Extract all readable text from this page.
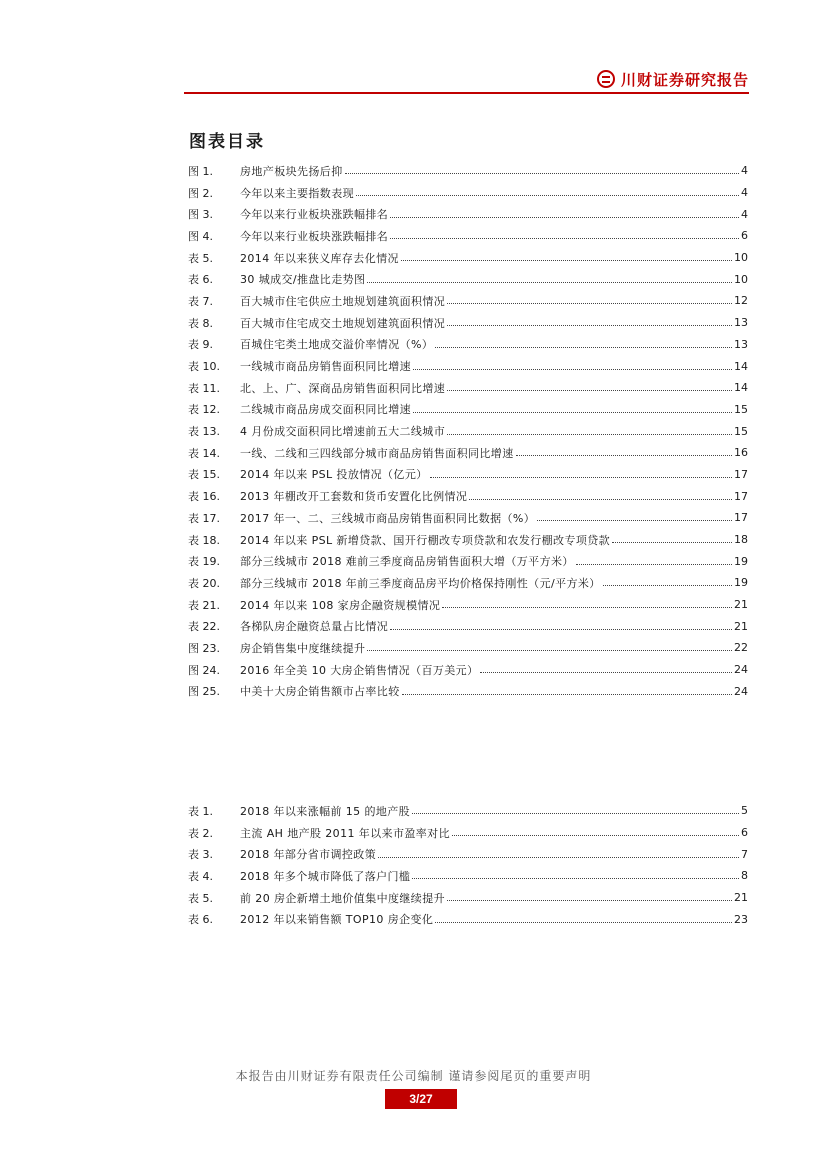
川财证券研究报告
图表目录
图 1.	房地产板块先扬后抑	4
图 2.	今年以来主要指数表现	4
图 3.	今年以来行业板块涨跌幅排名	4
图 4.	今年以来行业板块涨跌幅排名	6
表 5.	2014 年以来狭义库存去化情况	10
表 6.	30 城成交/推盘比走势图	10
表 7.	百大城市住宅供应土地规划建筑面积情况	12
表 8.	百大城市住宅成交土地规划建筑面积情况	13
表 9.	百城住宅类土地成交溢价率情况（%）	13
表 10.	一线城市商品房销售面积同比增速	14
表 11.	北、上、广、深商品房销售面积同比增速	14
表 12.	二线城市商品房成交面积同比增速	15
表 13.	4 月份成交面积同比增速前五大二线城市	15
表 14.	一线、二线和三四线部分城市商品房销售面积同比增速	16
表 15.	2014 年以来 PSL 投放情况（亿元）	17
表 16.	2013 年棚改开工套数和货币安置化比例情况	17
表 17.	2017 年一、二、三线城市商品房销售面积同比数据（%）	17
表 18.	2014 年以来 PSL 新增贷款、国开行棚改专项贷款和农发行棚改专项贷款	18
表 19.	部分三线城市 2018 难前三季度商品房销售面积大增（万平方米）	19
表 20.	部分三线城市 2018 年前三季度商品房平均价格保持刚性（元/平方米）	19
表 21.	2014 年以来 108 家房企融资规模情况	21
表 22.	各梯队房企融资总量占比情况	21
图 23.	房企销售集中度继续提升	22
图 24.	2016 年全美 10 大房企销售情况（百万美元）	24
图 25.	中美十大房企销售额市占率比较	24
表 1.	2018 年以来涨幅前 15 的地产股	5
表 2.	主流 AH 地产股 2011 年以来市盈率对比	6
表 3.	2018 年部分省市调控政策	7
表 4.	2018 年多个城市降低了落户门槛	8
表 5.	前 20 房企新增土地价值集中度继续提升	21
表 6.	2012 年以来销售额 TOP10 房企变化	23
本报告由川财证券有限责任公司编制 谨请参阅尾页的重要声明
3/27
